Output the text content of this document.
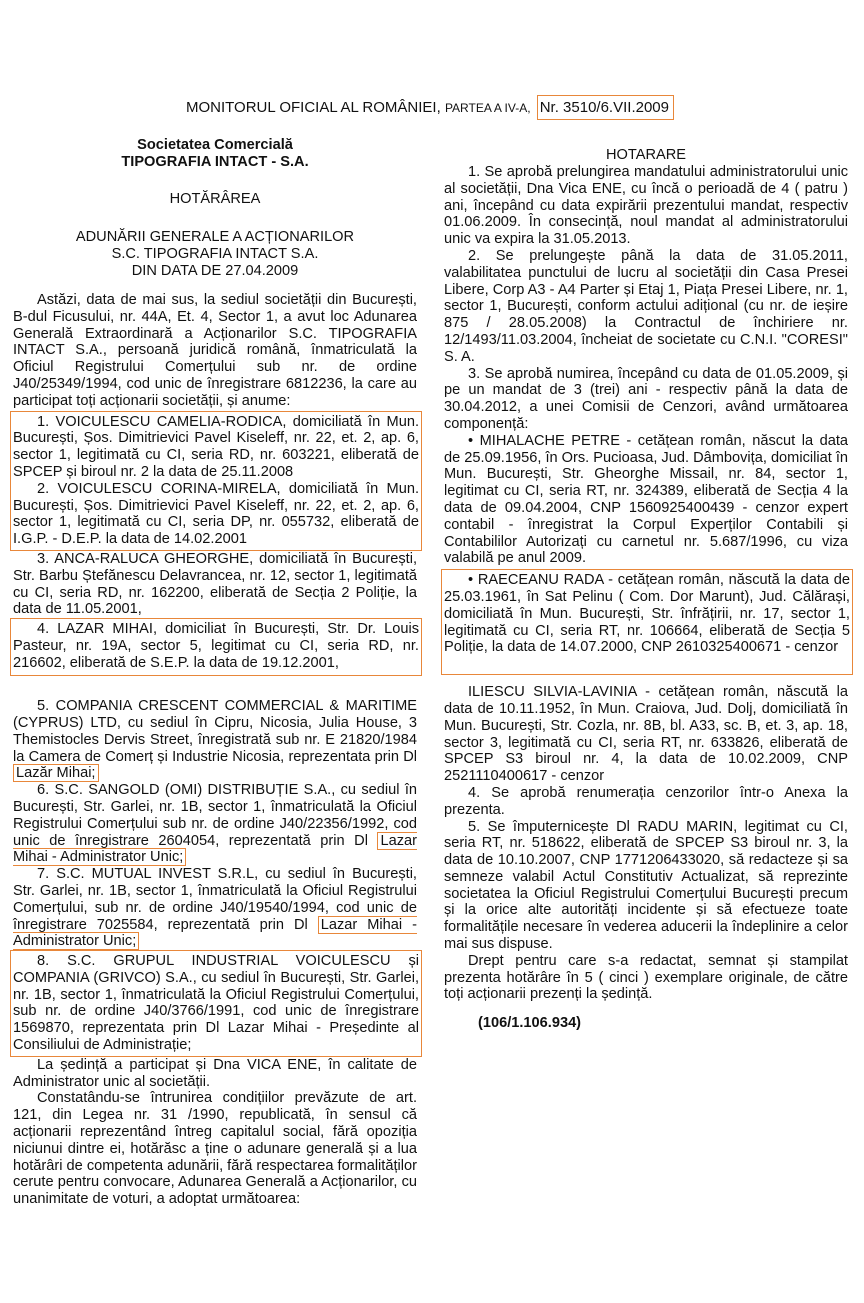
MONITORUL OFICIAL AL ROMÂNIEI, PARTEA A IV-A, Nr. 3510/6.VII.2009
Societatea Comercială
TIPOGRAFIA INTACT - S.A.
HOTĂRÂREA
ADUNĂRII GENERALE A ACȚIONARILOR
S.C. TIPOGRAFIA INTACT S.A.
DIN DATA DE 27.04.2009

Astăzi, data de mai sus, la sediul societății din București, B-dul Ficusului, nr. 44A, Et. 4, Sector 1, a avut loc Adunarea Generală Extraordinară a Acționarilor S.C. TIPOGRAFIA INTACT S.A., persoană juridică română, înmatriculată la Oficiul Registrului Comerțului sub nr. de ordine J40/25349/1994, cod unic de înregistrare 6812236, la care au participat toți acționarii societății, și anume:

1. VOICULESCU CAMELIA-RODICA, domiciliată în Mun. București, Șos. Dimitrievici Pavel Kiseleff, nr. 22, et. 2, ap. 6, sector 1, legitimată cu CI, seria RD, nr. 603221, eliberată de SPCEP și biroul nr. 2 la data de 25.11.2008

2. VOICULESCU CORINA-MIRELA, domiciliată în Mun. București, Șos. Dimitrievici Pavel Kiseleff, nr. 22, et. 2, ap. 6, sector 1, legitimată cu CI, seria DP, nr. 055732, eliberată de I.G.P. - D.E.P. la data de 14.02.2001

3. ANCA-RALUCA GHEORGHE, domiciliată în București, Str. Barbu Ștefănescu Delavrancea, nr. 12, sector 1, legitimată cu CI, seria RD, nr. 162200, eliberată de Secția 2 Poliție, la data de 11.05.2001,

4. LAZAR MIHAI, domiciliat în București, Str. Dr. Louis Pasteur, nr. 19A, sector 5, legitimat cu CI, seria RD, nr. 216602, eliberată de S.E.P. la data de 19.12.2001,

5. COMPANIA CRESCENT COMMERCIAL & MARITIME (CYPRUS) LTD, cu sediul în Cipru, Nicosia, Julia House, 3 Themistocles Dervis Street, înregistrată sub nr. E 21820/1984 la Camera de Comerț și Industrie Nicosia, reprezentata prin Dl Lazăr Mihai;

6. S.C. SANGOLD (OMI) DISTRIBUȚIE S.A., cu sediul în București, Str. Garlei, nr. 1B, sector 1, înmatriculată la Oficiul Registrului Comerțului sub nr. de ordine J40/22356/1992, cod unic de înregistrare 2604054, reprezentată prin Dl Lazar Mihai - Administrator Unic;

7. S.C. MUTUAL INVEST S.R.L, cu sediul în București, Str. Garlei, nr. 1B, sector 1, înmatriculată la Oficiul Registrului Comerțului, sub nr. de ordine J40/19540/1994, cod unic de înregistrare 7025584, reprezentată prin Dl Lazar Mihai - Administrator Unic;

8. S.C. GRUPUL INDUSTRIAL VOICULESCU și COMPANIA (GRIVCO) S.A., cu sediul în București, Str. Garlei, nr. 1B, sector 1, înmatriculată la Oficiul Registrului Comerțului, sub nr. de ordine J40/3766/1991, cod unic de înregistrare 1569870, reprezentata prin Dl Lazar Mihai - Președinte al Consiliului de Administrație;

La ședință a participat și Dna VICA ENE, în calitate de Administrator unic al societății.

Constatându-se întrunirea condițiilor prevăzute de art. 121, din Legea nr. 31 /1990, republicată, în sensul că acționarii reprezentând întreg capitalul social, fără opoziția niciunui dintre ei, hotărăsc a ține o adunare generală și a lua hotărâri de competenta adunării, fără respectarea formalităților cerute pentru convocare, Adunarea Generală a Acționarilor, cu unanimitate de voturi, a adoptat următoarea:

HOTARARE

1. Se aprobă prelungirea mandatului administratorului unic al societății, Dna Vica ENE, cu încă o perioadă de 4 ( patru ) ani, începând cu data expirării prezentului mandat, respectiv 01.06.2009. În consecință, noul mandat al administratorului unic va expira la 31.05.2013.

2. Se prelungește până la data de 31.05.2011, valabilitatea punctului de lucru al societății din Casa Presei Libere, Corp A3 - A4 Parter și Etaj 1, Piața Presei Libere, nr. 1, sector 1, București, conform actului adițional (cu nr. de ieșire 875 / 28.05.2008) la Contractul de închiriere nr. 12/1493/11.03.2004, încheiat de societate cu C.N.I. "CORESI" S. A.

3. Se aprobă numirea, începând cu data de 01.05.2009, și pe un mandat de 3 (trei) ani - respectiv până la data de 30.04.2012, a unei Comisii de Cenzori, având următoarea componență:

• MIHALACHE PETRE - cetățean român, născut la data de 25.09.1956, în Ors. Pucioasa, Jud. Dâmbovița, domiciliat în Mun. București, Str. Gheorghe Missail, nr. 84, sector 1, legitimat cu CI, seria RT, nr. 324389, eliberată de Secția 4 la data de 09.04.2004, CNP 1560925400439 - cenzor expert contabil - înregistrat la Corpul Experților Contabili și Contabililor Autorizați cu carnetul nr. 5.687/1996, cu viza valabilă pe anul 2009.

• RAECEANU RADA - cetățean român, născută la data de 25.03.1961, în Sat Pelinu ( Com. Dor Marunt), Jud. Călărași, domiciliată în Mun. București, Str. înfrățirii, nr. 17, sector 1, legitimată cu CI, seria RT, nr. 106664, eliberată de Secția 5 Poliție, la data de 14.07.2000, CNP 2610325400671 - cenzor

ILIESCU SILVIA-LAVINIA - cetățean român, născută la data de 10.11.1952, în Mun. Craiova, Jud. Dolj, domiciliată în Mun. București, Str. Cozla, nr. 8B, bl. A33, sc. B, et. 3, ap. 18, sector 3, legitimată cu CI, seria RT, nr. 633826, eliberată de SPCEP S3 biroul nr. 4, la data de 10.02.2009, CNP 2521110400617 - cenzor

4. Se aprobă renumerația cenzorilor într-o Anexa la prezenta.

5. Se împuternicește Dl RADU MARIN, legitimat cu CI, seria RT, nr. 518622, eliberată de SPCEP S3 biroul nr. 3, la data de 10.10.2007, CNP 1771206433020, să redacteze și sa semneze valabil Actul Constitutiv Actualizat, să reprezinte societatea la Oficiul Registrului Comerțului București precum și la orice alte autorități incidente și să efectueze toate formalitățile necesare în vederea aducerii la îndeplinire a celor mai sus dispuse.

Drept pentru care s-a redactat, semnat și stampilat prezenta hotărâre în 5 ( cinci ) exemplare originale, de către toți acționarii prezenți la ședință.

(106/1.106.934)
